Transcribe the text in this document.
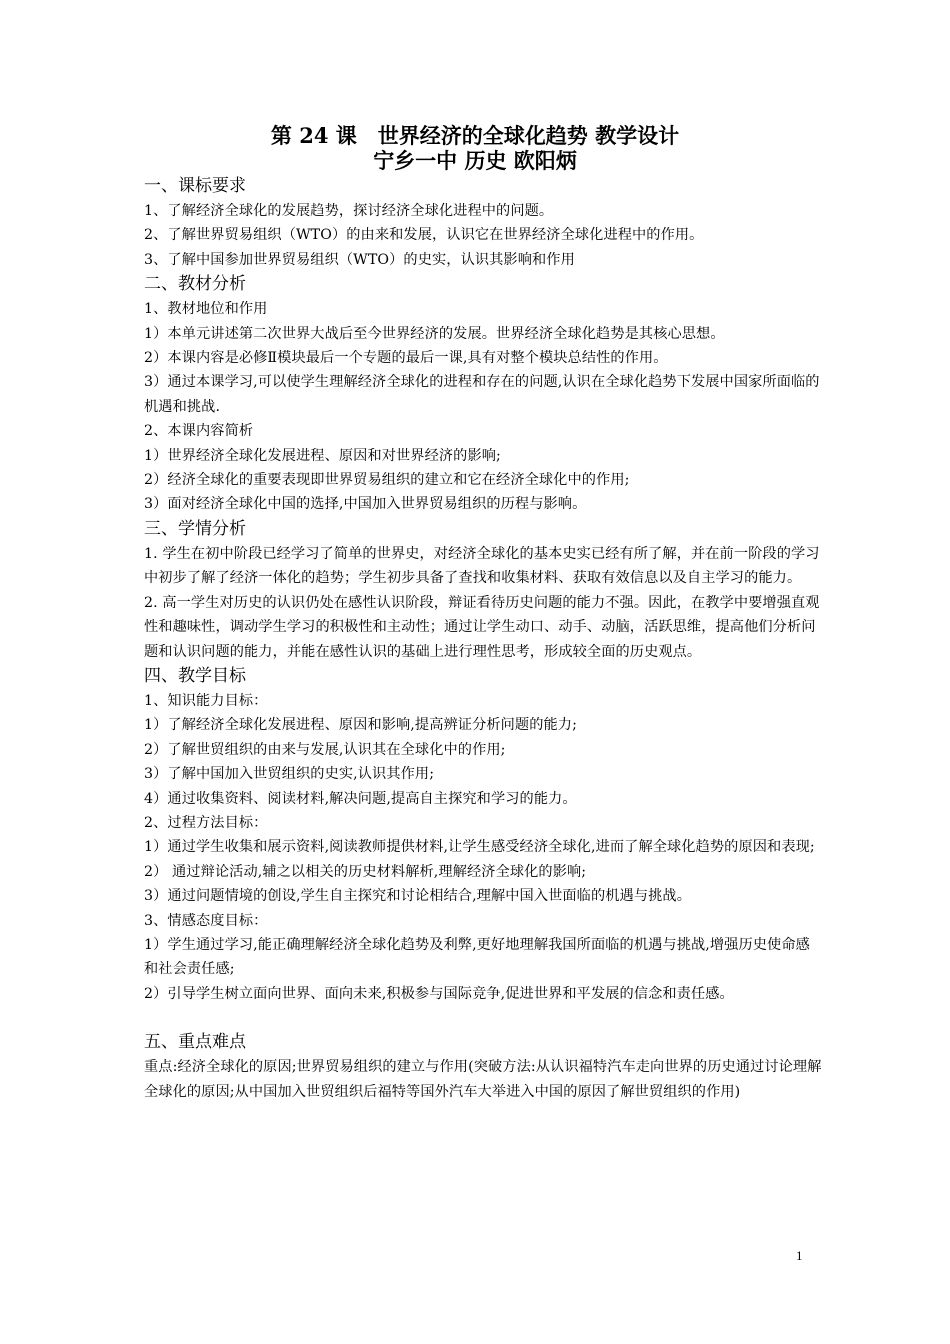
第 24 课　世界经济的全球化趋势 教学设计
宁乡一中 历史 欧阳炳
一、课标要求
1、了解经济全球化的发展趋势，探讨经济全球化进程中的问题。
2、了解世界贸易组织（WTO）的由来和发展，认识它在世界经济全球化进程中的作用。
3、了解中国参加世界贸易组织（WTO）的史实，认识其影响和作用
二、教材分析
1、教材地位和作用
1）本单元讲述第二次世界大战后至今世界经济的发展。世界经济全球化趋势是其核心思想。
2）本课内容是必修Ⅱ模块最后一个专题的最后一课,具有对整个模块总结性的作用。
3）通过本课学习,可以使学生理解经济全球化的进程和存在的问题,认识在全球化趋势下发展中国家所面临的机遇和挑战.
2、本课内容简析
1）世界经济全球化发展进程、原因和对世界经济的影响;
2）经济全球化的重要表现即世界贸易组织的建立和它在经济全球化中的作用;
3）面对经济全球化中国的选择,中国加入世界贸易组织的历程与影响。
三、学情分析
1. 学生在初中阶段已经学习了简单的世界史，对经济全球化的基本史实已经有所了解，并在前一阶段的学习中初步了解了经济一体化的趋势；学生初步具备了查找和收集材料、获取有效信息以及自主学习的能力。
2. 高一学生对历史的认识仍处在感性认识阶段，辩证看待历史问题的能力不强。因此，在教学中要增强直观性和趣味性，调动学生学习的积极性和主动性；通过让学生动口、动手、动脑，活跃思维，提高他们分析问题和认识问题的能力，并能在感性认识的基础上进行理性思考，形成较全面的历史观点。
四、教学目标
1、知识能力目标：
1）了解经济全球化发展进程、原因和影响,提高辨证分析问题的能力;
2）了解世贸组织的由来与发展,认识其在全球化中的作用;
3）了解中国加入世贸组织的史实,认识其作用;
4）通过收集资料、阅读材料,解决问题,提高自主探究和学习的能力。
2、过程方法目标：
1）通过学生收集和展示资料,阅读教师提供材料,让学生感受经济全球化,进而了解全球化趋势的原因和表现;
2） 通过辩论活动,辅之以相关的历史材料解析,理解经济全球化的影响;
3）通过问题情境的创设,学生自主探究和讨论相结合,理解中国入世面临的机遇与挑战。
3、情感态度目标：
1）学生通过学习,能正确理解经济全球化趋势及利弊,更好地理解我国所面临的机遇与挑战,增强历史使命感和社会责任感;
2）引导学生树立面向世界、面向未来,积极参与国际竞争,促进世界和平发展的信念和责任感。
五、重点难点
重点:经济全球化的原因;世界贸易组织的建立与作用(突破方法:从认识福特汽车走向世界的历史通过讨论理解全球化的原因;从中国加入世贸组织后福特等国外汽车大举进入中国的原因了解世贸组织的作用)
1
